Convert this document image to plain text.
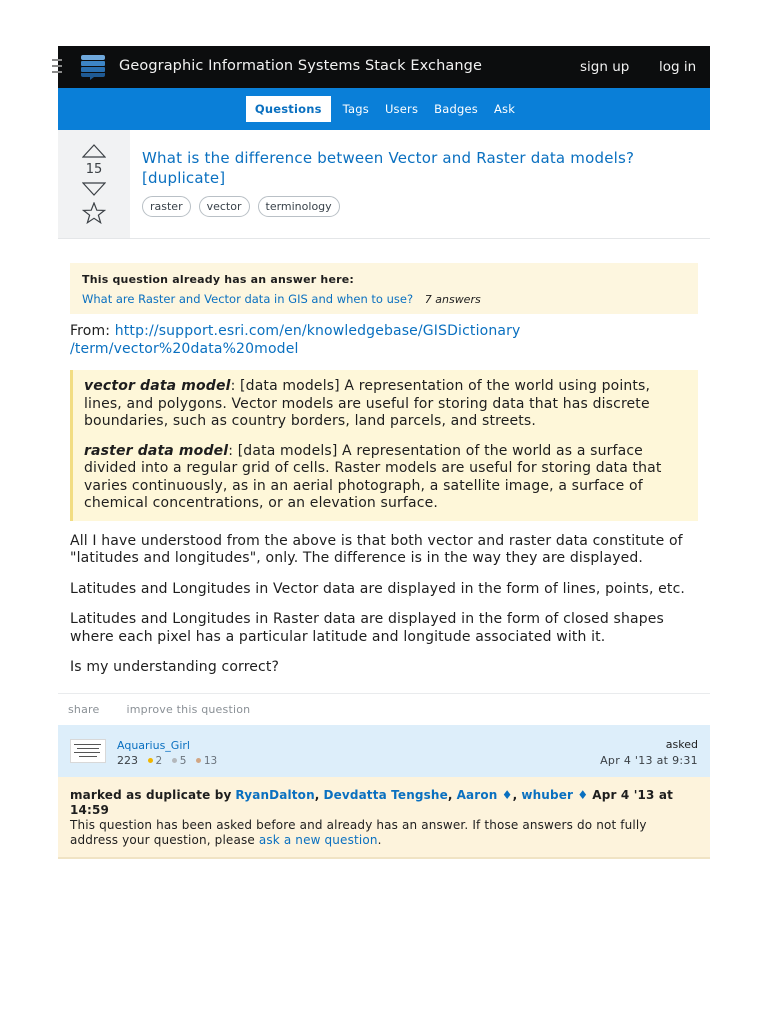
Geographic Information Systems Stack Exchange	sign up log in
Questions	Tags	Users	Badges	Ask
15
What is the difference between Vector and Raster data models? [duplicate]
raster	vector	terminology
This question already has an answer here:
What are Raster and Vector data in GIS and when to use? 7 answers
From: http://support.esri.com/en/knowledgebase/GISDictionary
/term/vector%20data%20model

vector data model: [data models] A representation of the world using points, lines, and polygons. Vector models are useful for storing data that has discrete boundaries, such as country borders, land parcels, and streets.

raster data model: [data models] A representation of the world as a surface divided into a regular grid of cells. Raster models are useful for storing data that varies continuously, as in an aerial photograph, a satellite image, a surface of chemical concentrations, or an elevation surface.

All I have understood from the above is that both vector and raster data constitute of "latitudes and longitudes", only. The difference is in the way they are displayed.
Latitudes and Longitudes in Vector data are displayed in the form of lines, points, etc.
Latitudes and Longitudes in Raster data are displayed in the form of closed shapes where each pixel has a particular latitude and longitude associated with it.
Is my understanding correct?
share improve this question
Aquarius_Girl
223 2 5 13
asked
Apr 4 '13 at 9:31
marked as duplicate by RyanDalton, Devdatta Tengshe, Aaron ♦, whuber ♦ Apr 4 '13 at 14:59
This question has been asked before and already has an answer. If those answers do not fully address your question, please ask a new question.
